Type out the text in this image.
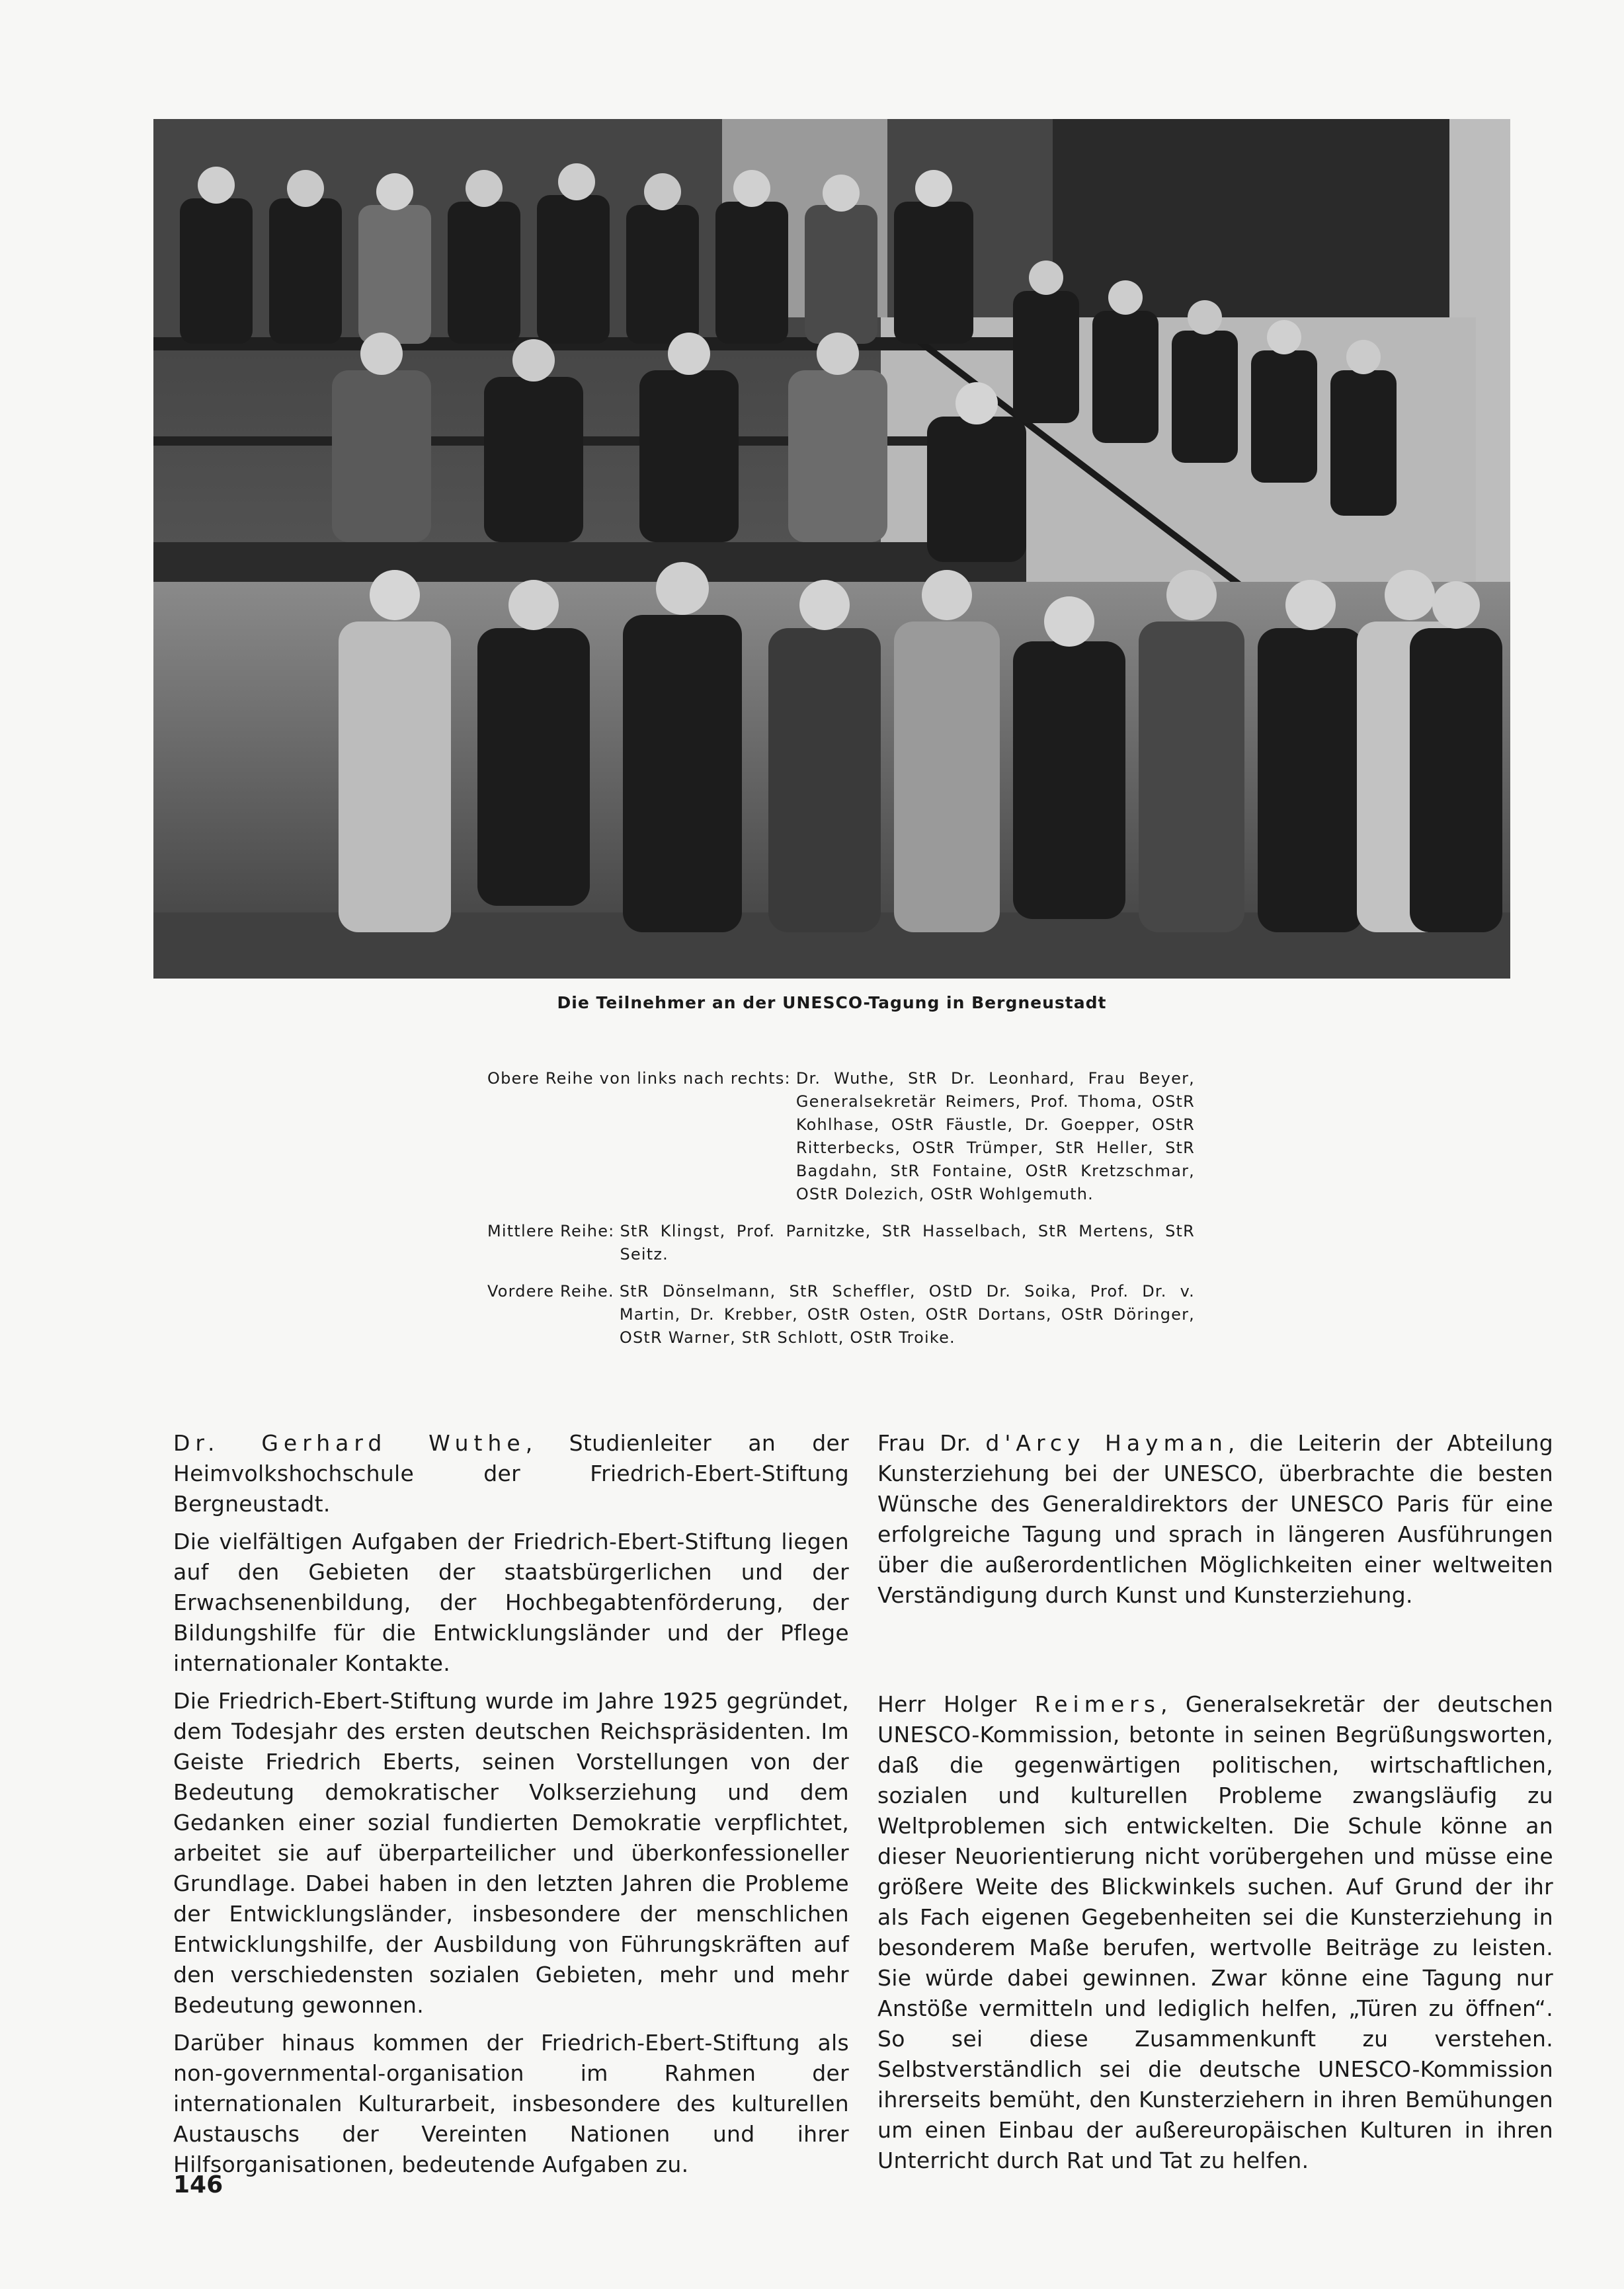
Die Teilnehmer an der UNESCO-Tagung in Bergneustadt
Obere Reihe von links nach rechts: Dr. Wuthe, StR Dr. Leonhard, Frau Beyer, Generalsekretär Reimers, Prof. Thoma, OStR Kohlhase, OStR Fäustle, Dr. Goepper, OStR Ritterbecks, OStR Trümper, StR Heller, StR Bagdahn, StR Fontaine, OStR Kretzschmar, OStR Dolezich, OStR Wohlgemuth.
Mittlere Reihe: StR Klingst, Prof. Parnitzke, StR Hasselbach, StR Mertens, StR Seitz.
Vordere Reihe. StR Dönselmann, StR Scheffler, OStD Dr. Soika, Prof. Dr. v. Martin, Dr. Krebber, OStR Osten, OStR Dortans, OStR Döringer, OStR Warner, StR Schlott, OStR Troike.

Dr. Gerhard Wuthe, Studienleiter an der Heimvolkshochschule der Friedrich-Ebert-Stiftung Bergneustadt.

Die vielfältigen Aufgaben der Friedrich-Ebert-Stiftung liegen auf den Gebieten der staatsbürgerlichen und der Erwachsenenbildung, der Hochbegabtenförderung, der Bildungshilfe für die Entwicklungsländer und der Pflege internationaler Kontakte.

Die Friedrich-Ebert-Stiftung wurde im Jahre 1925 gegründet, dem Todesjahr des ersten deutschen Reichspräsidenten. Im Geiste Friedrich Eberts, seinen Vorstellungen von der Bedeutung demokratischer Volkserziehung und dem Gedanken einer sozial fundierten Demokratie verpflichtet, arbeitet sie auf überparteilicher und überkonfessioneller Grundlage. Dabei haben in den letzten Jahren die Probleme der Entwicklungsländer, insbesondere der menschlichen Entwicklungshilfe, der Ausbildung von Führungskräften auf den verschiedensten sozialen Gebieten, mehr und mehr Bedeutung gewonnen.

Darüber hinaus kommen der Friedrich-Ebert-Stiftung als non-governmental-organisation im Rahmen der internationalen Kulturarbeit, insbesondere des kulturellen Austauschs der Vereinten Nationen und ihrer Hilfsorganisationen, bedeutende Aufgaben zu.

Frau Dr. d'Arcy Hayman, die Leiterin der Abteilung Kunsterziehung bei der UNESCO, überbrachte die besten Wünsche des Generaldirektors der UNESCO Paris für eine erfolgreiche Tagung und sprach in längeren Ausführungen über die außerordentlichen Möglichkeiten einer weltweiten Verständigung durch Kunst und Kunsterziehung.

Herr Holger Reimers, Generalsekretär der deutschen UNESCO-Kommission, betonte in seinen Begrüßungsworten, daß die gegenwärtigen politischen, wirtschaftlichen, sozialen und kulturellen Probleme zwangsläufig zu Weltproblemen sich entwickelten. Die Schule könne an dieser Neuorientierung nicht vorübergehen und müsse eine größere Weite des Blickwinkels suchen. Auf Grund der ihr als Fach eigenen Gegebenheiten sei die Kunsterziehung in besonderem Maße berufen, wertvolle Beiträge zu leisten. Sie würde dabei gewinnen. Zwar könne eine Tagung nur Anstöße vermitteln und lediglich helfen, „Türen zu öffnen“. So sei diese Zusammenkunft zu verstehen. Selbstverständlich sei die deutsche UNESCO-Kommission ihrerseits bemüht, den Kunsterziehern in ihren Bemühungen um einen Einbau der außereuropäischen Kulturen in ihren Unterricht durch Rat und Tat zu helfen.

146
